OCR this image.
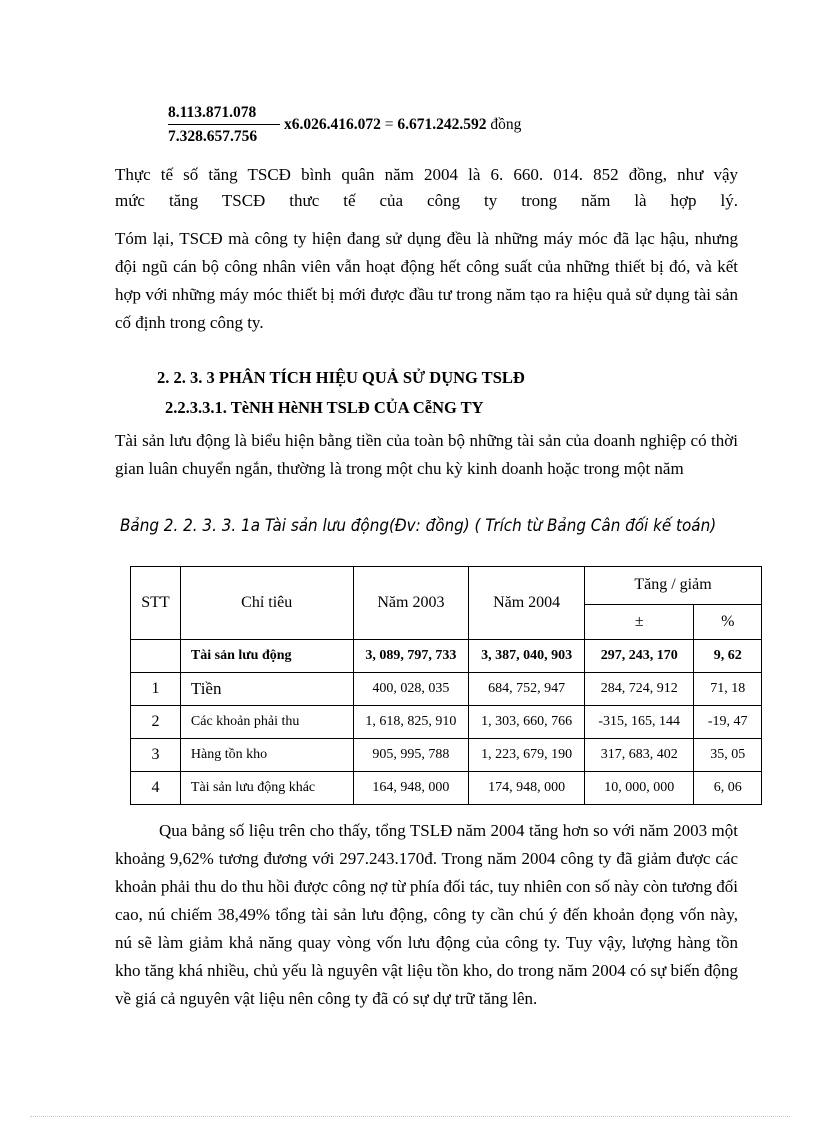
8.113.871.078
7.328.657.756
x6.026.416.072 = 6.671.242.592 đồng
Thực tế số tăng TSCĐ bình quân năm 2004 là 6. 660. 014. 852 đồng, như vậy
mức tăng TSCĐ thưc tế của công ty trong năm là hợp lý.
Tóm lại, TSCĐ mà công ty hiện đang sử dụng đều là những máy móc đã lạc hậu, nhưng đội ngũ cán bộ công nhân viên vẫn hoạt động hết công suất của những thiết bị đó, và kết hợp với những máy móc thiết bị mới được đầu tư trong năm tạo ra hiệu quả sử dụng tài sản cố định trong công ty.
2. 2. 3. 3 PHÂN TÍCH HIỆU QUẢ SỬ DỤNG TSLĐ
2.2.3.3.1. TèNH HèNH TSLĐ CỦA CễNG TY
Tài sản lưu động là biểu hiện bằng tiền của toàn bộ những tài sản của doanh nghiệp có thời gian luân chuyển ngắn, thường là trong một chu kỳ kinh doanh hoặc trong một năm
Bảng 2. 2. 3. 3. 1a Tài sản lưu động(Đv: đồng) ( Trích từ Bảng Cân đối kế toán)
STT	Chỉ tiêu	Năm 2003	Năm 2004	Tăng / giảm	
				±	%
	Tài sản lưu động	3, 089, 797, 733	3, 387, 040, 903	297, 243, 170	9, 62
1	Tiền	400, 028, 035	684, 752, 947	284, 724, 912	71, 18
2	Các khoản phải thu	1, 618, 825, 910	1, 303, 660, 766	-315, 165, 144	-19, 47
3	Hàng tồn kho	905, 995, 788	1, 223, 679, 190	317, 683, 402	35, 05
4	Tài sản lưu động khác	164, 948, 000	174, 948, 000	10, 000, 000	6, 06
Qua bảng số liệu trên cho thấy, tổng TSLĐ năm 2004 tăng hơn so với năm 2003 một khoảng 9,62% tương đương với 297.243.170đ. Trong năm 2004 công ty đã giảm được các khoản phải thu do thu hồi được công nợ từ phía đối tác, tuy nhiên con số này còn tương đối cao, nú chiếm 38,49% tổng tài sản lưu động, công ty cần chú ý đến khoản đọng vốn này, nú sẽ làm giảm khả năng quay vòng vốn lưu động của công ty. Tuy vậy, lượng hàng tồn kho tăng khá nhiều, chủ yếu là nguyên vật liệu tồn kho, do trong năm 2004 có sự biến động về giá cả nguyên vật liệu nên công ty đã có sự dự trữ tăng lên.
